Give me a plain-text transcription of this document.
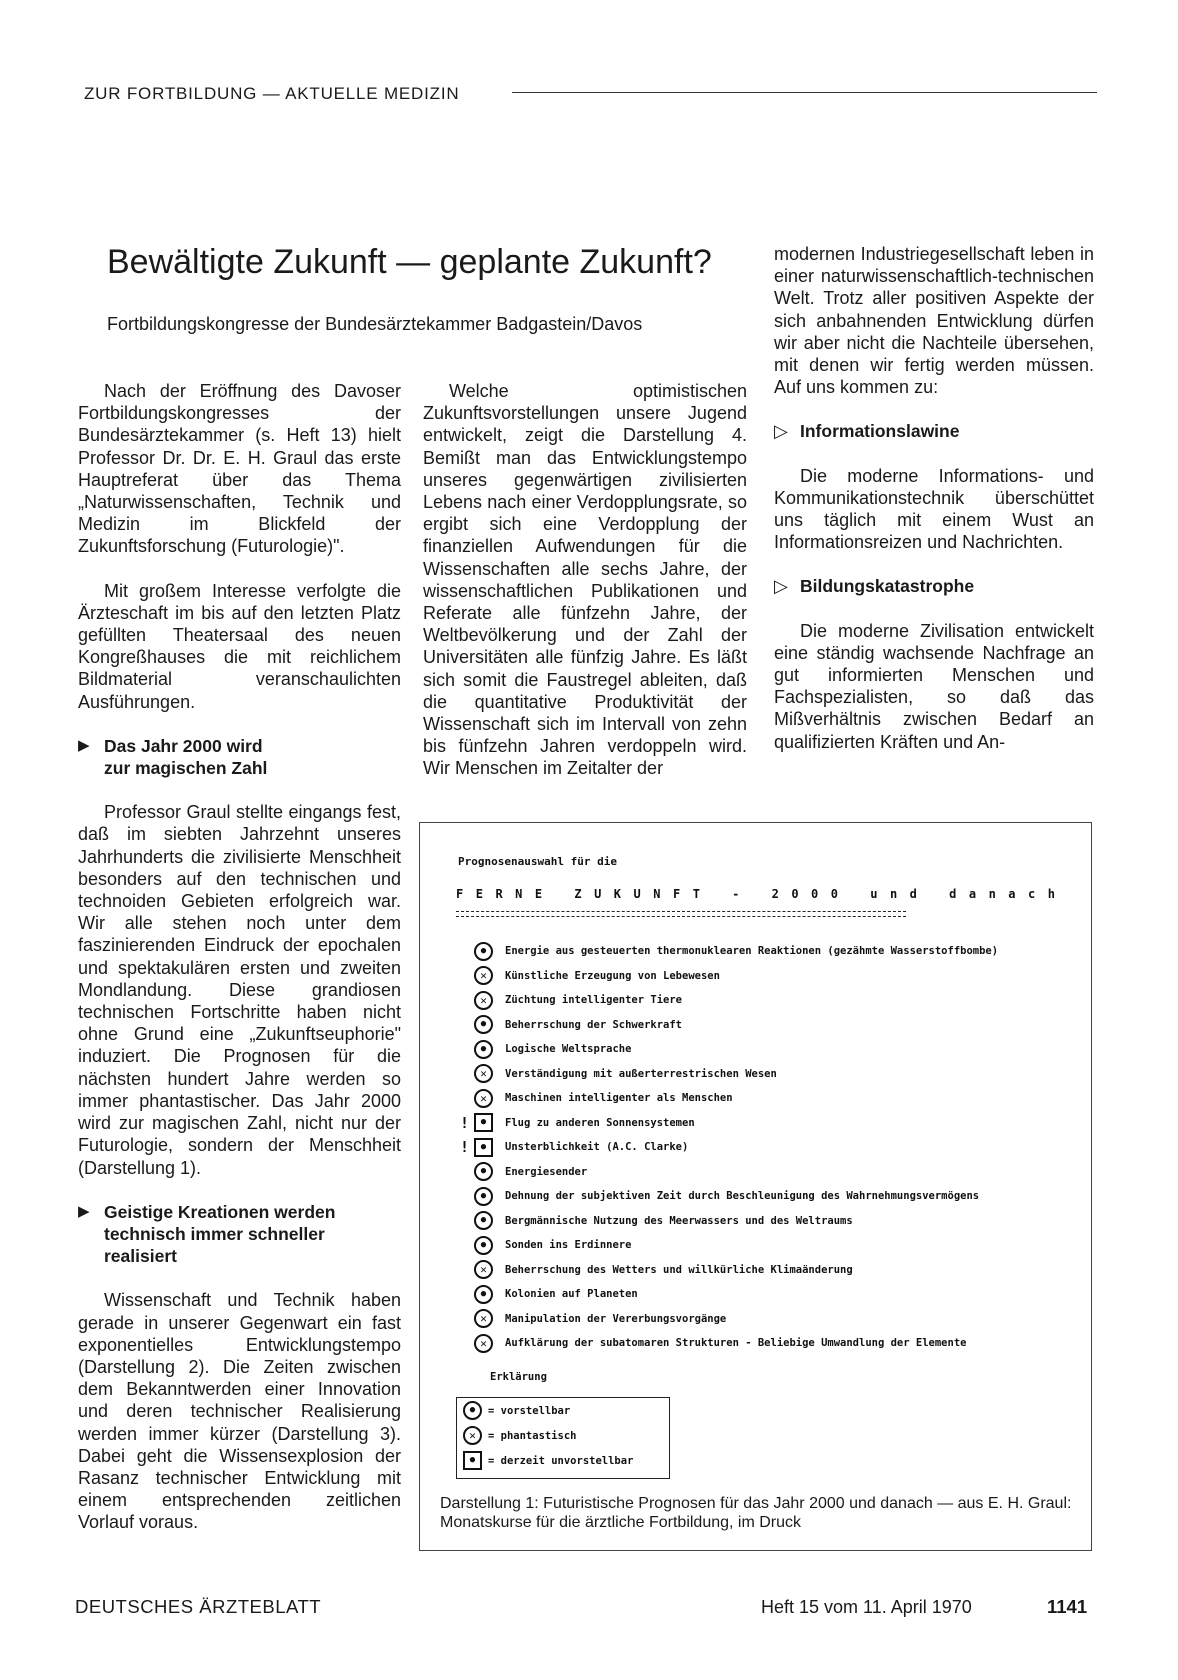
ZUR FORTBILDUNG — AKTUELLE MEDIZIN
Bewältigte Zukunft — geplante Zukunft?
Fortbildungskongresse der Bundesärztekammer Badgastein/Davos

Nach der Eröffnung des Davoser Fortbildungskongresses der Bundesärztekammer (s. Heft 13) hielt Professor Dr. Dr. E. H. Graul das erste Hauptreferat über das Thema „Naturwissenschaften, Technik und Medizin im Blickfeld der Zukunftsforschung (Futurologie)".

Mit großem Interesse verfolgte die Ärzteschaft im bis auf den letzten Platz gefüllten Theatersaal des neuen Kongreßhauses die mit reichlichem Bildmaterial veranschaulichten Ausführungen.

▶ Das Jahr 2000 wird zur magischen Zahl

Professor Graul stellte eingangs fest, daß im siebten Jahrzehnt unseres Jahrhunderts die zivilisierte Menschheit besonders auf den technischen und technoiden Gebieten erfolgreich war. Wir alle stehen noch unter dem faszinierenden Eindruck der epochalen und spektakulären ersten und zweiten Mondlandung. Diese grandiosen technischen Fortschritte haben nicht ohne Grund eine „Zukunftseuphorie" induziert. Die Prognosen für die nächsten hundert Jahre werden so immer phantastischer. Das Jahr 2000 wird zur magischen Zahl, nicht nur der Futurologie, sondern der Menschheit (Darstellung 1).

▶ Geistige Kreationen werden technisch immer schneller realisiert

Wissenschaft und Technik haben gerade in unserer Gegenwart ein fast exponentielles Entwicklungstempo (Darstellung 2). Die Zeiten zwischen dem Bekanntwerden einer Innovation und deren technischer Realisierung werden immer kürzer (Darstellung 3). Dabei geht die Wissensexplosion der Rasanz technischer Entwicklung mit einem entsprechenden zeitlichen Vorlauf voraus.

Welche optimistischen Zukunftsvorstellungen unsere Jugend entwickelt, zeigt die Darstellung 4. Bemißt man das Entwicklungstempo unseres gegenwärtigen zivilisierten Lebens nach einer Verdopplungsrate, so ergibt sich eine Verdopplung der finanziellen Aufwendungen für die Wissenschaften alle sechs Jahre, der wissenschaftlichen Publikationen und Referate alle fünfzehn Jahre, der Weltbevölkerung und der Zahl der Universitäten alle fünfzig Jahre. Es läßt sich somit die Faustregel ableiten, daß die quantitative Produktivität der Wissenschaft sich im Intervall von zehn bis fünfzehn Jahren verdoppeln wird. Wir Menschen im Zeitalter der

modernen Industriegesellschaft leben in einer naturwissenschaftlich-technischen Welt. Trotz aller positiven Aspekte der sich anbahnenden Entwicklung dürfen wir aber nicht die Nachteile übersehen, mit denen wir fertig werden müssen. Auf uns kommen zu:

▷ Informationslawine

Die moderne Informations- und Kommunikationstechnik überschüttet uns täglich mit einem Wust an Informationsreizen und Nachrichten.

▷ Bildungskatastrophe

Die moderne Zivilisation entwickelt eine ständig wachsende Nachfrage an gut informierten Menschen und Fachspezialisten, so daß das Mißverhältnis zwischen Bedarf an qualifizierten Kräften und An-

Prognosenauswahl für die
FERNE ZUKUNFT - 2000 und danach
●	Energie aus gesteuerten thermonuklearen Reaktionen (gezähmte Wasserstoffbombe)
✕	Künstliche Erzeugung von Lebewesen
✕	Züchtung intelligenter Tiere
●	Beherrschung der Schwerkraft
●	Logische Weltsprache
✕	Verständigung mit außerterrestrischen Wesen
✕	Maschinen intelligenter als Menschen
!	●	Flug zu anderen Sonnensystemen
!	●	Unsterblichkeit (A.C. Clarke)
●	Energiesender
●	Dehnung der subjektiven Zeit durch Beschleunigung des Wahrnehmungsvermögens
●	Bergmännische Nutzung des Meerwassers und des Weltraums
●	Sonden ins Erdinnere
✕	Beherrschung des Wetters und willkürliche Klimaänderung
●	Kolonien auf Planeten
✕	Manipulation der Vererbungsvorgänge
✕	Aufklärung der subatomaren Strukturen - Beliebige Umwandlung der Elemente
Erklärung
●	= vorstellbar
✕	= phantastisch
●	= derzeit unvorstellbar
Darstellung 1: Futuristische Prognosen für das Jahr 2000 und danach — aus E. H. Graul: Monatskurse für die ärztliche Fortbildung, im Druck
DEUTSCHES ÄRZTEBLATT	Heft 15 vom 11. April 1970	1141
